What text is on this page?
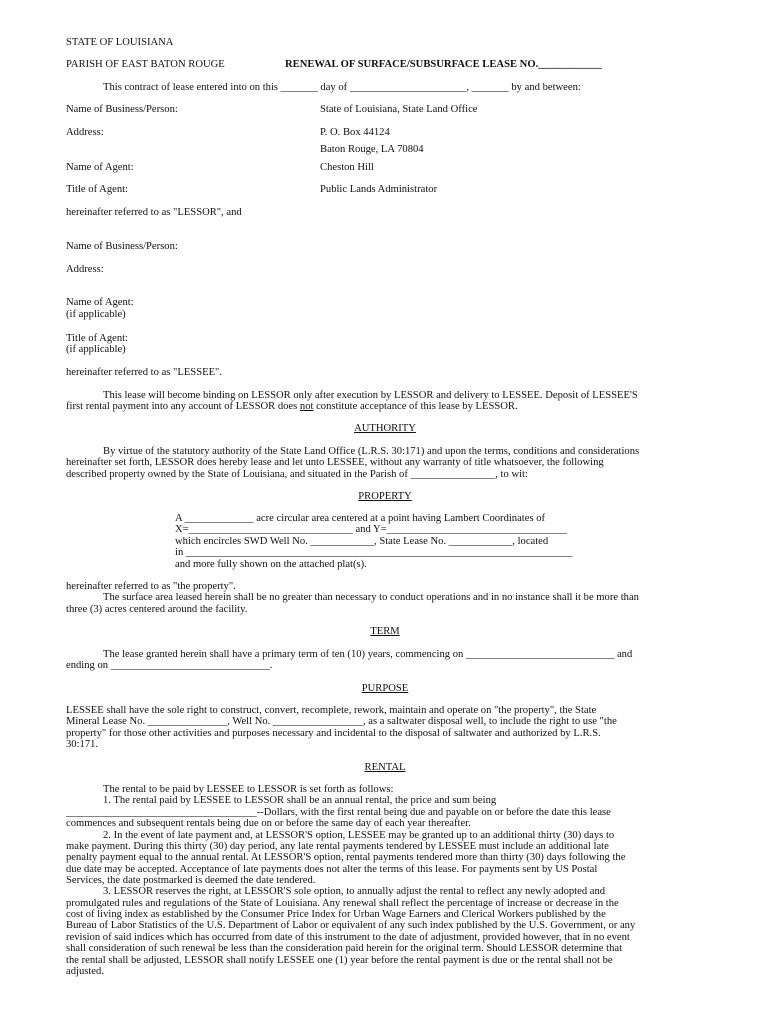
STATE OF LOUISIANA
PARISH OF EAST BATON ROUGE	RENEWAL OF SURFACE/SUBSURFACE LEASE NO.____________
This contract of lease entered into on this _______ day of ______________________, _______ by and between:
Name of Business/Person:	State of Louisiana, State Land Office
Address:	P. O. Box 44124
Baton Rouge, LA 70804
Name of Agent:	Cheston Hill
Title of Agent:	Public Lands Administrator
hereinafter referred to as "LESSOR", and
Name of Business/Person:
Address:
Name of Agent:
(if applicable)
Title of Agent:
(if applicable)
hereinafter referred to as "LESSEE".
This lease will become binding on LESSOR only after execution by LESSOR and delivery to LESSEE. Deposit of LESSEE'S
first rental payment into any account of LESSOR does not constitute acceptance of this lease by LESSOR.
AUTHORITY
By virtue of the statutory authority of the State Land Office (L.R.S. 30:171) and upon the terms, conditions and considerations
hereinafter set forth, LESSOR does hereby lease and let unto LESSEE, without any warranty of title whatsoever, the following
described property owned by the State of Louisiana, and situated in the Parish of ________________, to wit:
PROPERTY
A _____________ acre circular area centered at a point having Lambert Coordinates of
X=_______________________________ and Y=__________________________________
which encircles SWD Well No. ____________, State Lease No. ____________, located
in _________________________________________________________________________
and more fully shown on the attached plat(s).
hereinafter referred to as "the property".
The surface area leased herein shall be no greater than necessary to conduct operations and in no instance shall it be more than
three (3) acres centered around the facility.
TERM
The lease granted herein shall have a primary term of ten (10) years, commencing on ____________________________ and
ending on ______________________________.
PURPOSE
LESSEE shall have the sole right to construct, convert, recomplete, rework, maintain and operate on "the property", the State
Mineral Lease No. _______________, Well No. _________________, as a saltwater disposal well, to include the right to use "the
property" for those other activities and purposes necessary and incidental to the disposal of saltwater and authorized by L.R.S.
30:171.
RENTAL
The rental to be paid by LESSEE to LESSOR is set forth as follows:
1. The rental paid by LESSEE to LESSOR shall be an annual rental, the price and sum being
____________________________________--Dollars, with the first rental being due and payable on or before the date this lease
commences and subsequent rentals being due on or before the same day of each year thereafter.
2. In the event of late payment and, at LESSOR'S option, LESSEE may be granted up to an additional thirty (30) days to
make payment. During this thirty (30) day period, any late rental payments tendered by LESSEE must include an additional late
penalty payment equal to the annual rental. At LESSOR'S option, rental payments tendered more than thirty (30) days following the
due date may be accepted. Acceptance of late payments does not alter the terms of this lease. For payments sent by US Postal
Services, the date postmarked is deemed the date tendered.
3. LESSOR reserves the right, at LESSOR'S sole option, to annually adjust the rental to reflect any newly adopted and
promulgated rules and regulations of the State of Louisiana. Any renewal shall reflect the percentage of increase or decrease in the
cost of living index as established by the Consumer Price Index for Urban Wage Earners and Clerical Workers published by the
Bureau of Labor Statistics of the U.S. Department of Labor or equivalent of any such index published by the U.S. Government, or any
revision of said indices which has occurred from date of this instrument to the date of adjustment, provided however, that in no event
shall consideration of such renewal be less than the consideration paid herein for the original term. Should LESSOR determine that
the rental shall be adjusted, LESSOR shall notify LESSEE one (1) year before the rental payment is due or the rental shall not be
adjusted.
